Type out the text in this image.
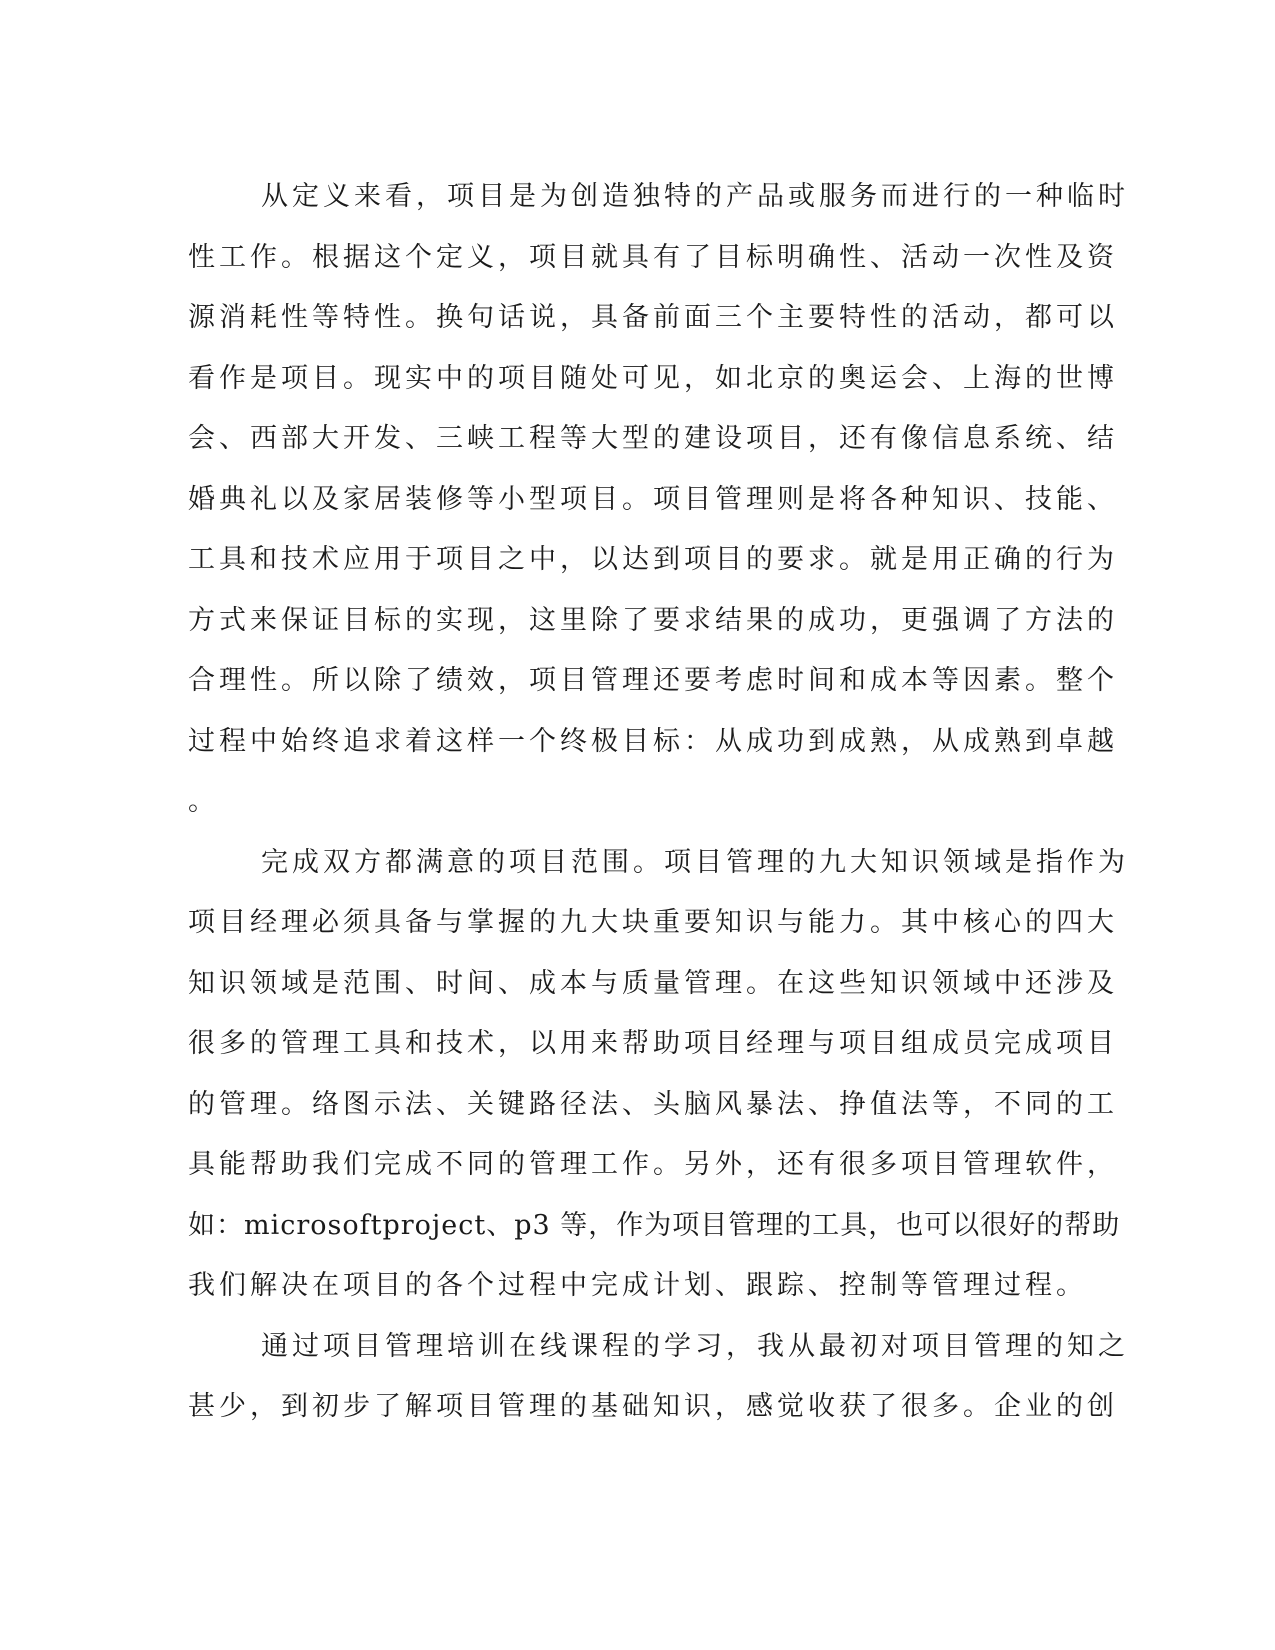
从定义来看，项目是为创造独特的产品或服务而进行的一种临时
性工作。根据这个定义，项目就具有了目标明确性、活动一次性及资
源消耗性等特性。换句话说，具备前面三个主要特性的活动，都可以
看作是项目。现实中的项目随处可见，如北京的奥运会、上海的世博
会、西部大开发、三峡工程等大型的建设项目，还有像信息系统、结
婚典礼以及家居装修等小型项目。项目管理则是将各种知识、技能、
工具和技术应用于项目之中，以达到项目的要求。就是用正确的行为
方式来保证目标的实现，这里除了要求结果的成功，更强调了方法的
合理性。所以除了绩效，项目管理还要考虑时间和成本等因素。整个
过程中始终追求着这样一个终极目标：从成功到成熟，从成熟到卓越
。
完成双方都满意的项目范围。项目管理的九大知识领域是指作为
项目经理必须具备与掌握的九大块重要知识与能力。其中核心的四大
知识领域是范围、时间、成本与质量管理。在这些知识领域中还涉及
很多的管理工具和技术，以用来帮助项目经理与项目组成员完成项目
的管理。络图示法、关键路径法、头脑风暴法、挣值法等，不同的工
具能帮助我们完成不同的管理工作。另外，还有很多项目管理软件，
如：microsoftproject、p3 等，作为项目管理的工具，也可以很好的帮助
我们解决在项目的各个过程中完成计划、跟踪、控制等管理过程。
通过项目管理培训在线课程的学习，我从最初对项目管理的知之
甚少，到初步了解项目管理的基础知识，感觉收获了很多。企业的创
